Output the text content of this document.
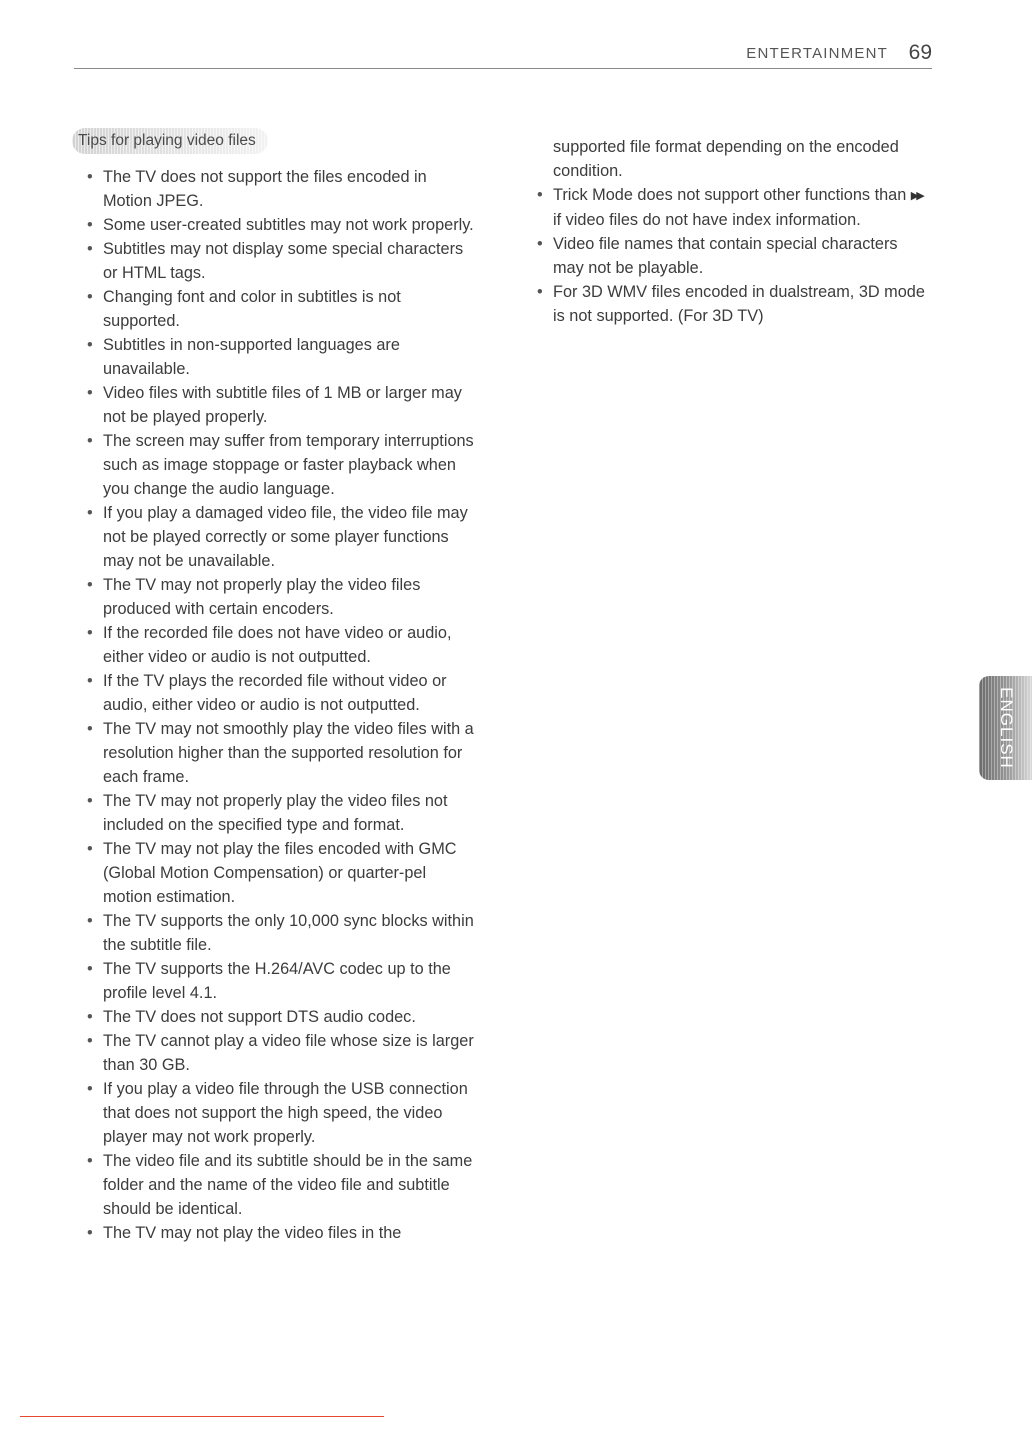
ENTERTAINMENT 69
Tips for playing video files
• The TV does not support the files encoded in Motion JPEG.
• Some user-created subtitles may not work properly.
• Subtitles may not display some special characters or HTML tags.
• Changing font and color in subtitles is not supported.
• Subtitles in non-supported languages are unavailable.
• Video files with subtitle files of 1 MB or larger may not be played properly.
• The screen may suffer from temporary interruptions such as image stoppage or faster playback when you change the audio language.
• If you play a damaged video file, the video file may not be played correctly or some player functions may not be unavailable.
• The TV may not properly play the video files produced with certain encoders.
• If the recorded file does not have video or audio, either video or audio is not outputted.
• If the TV plays the recorded file without video or audio, either video or audio is not outputted.
• The TV may not smoothly play the video files with a resolution higher than the supported resolution for each frame.
• The TV may not properly play the video files not included on the specified type and format.
• The TV may not play the files encoded with GMC (Global Motion Compensation) or quarter-pel motion estimation.
• The TV supports the only 10,000 sync blocks within the subtitle file.
• The TV supports the H.264/AVC codec up to the profile level 4.1.
• The TV does not support DTS audio codec.
• The TV cannot play a video file whose size is larger than 30 GB.
• If you play a video file through the USB connection that does not support the high speed, the video player may not work properly.
• The video file and its subtitle should be in the same folder and the name of the video file and subtitle should be identical.
• The TV may not play the video files in the
supported file format depending on the encoded condition.
• Trick Mode does not support other functions than ▶▶if video files do not have index information.
• Video file names that contain special characters may not be playable.
• For 3D WMV files encoded in dualstream, 3D mode is not supported. (For 3D TV)
ENGLISH
